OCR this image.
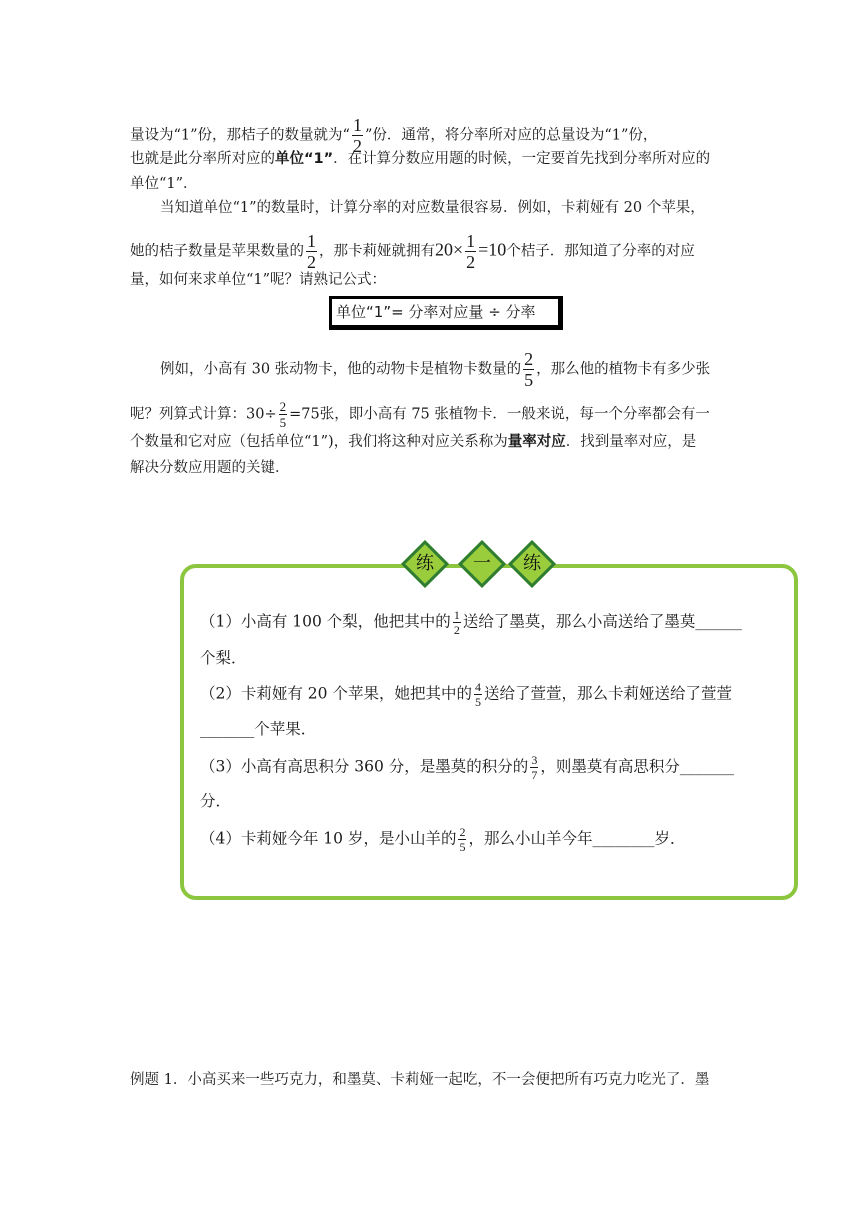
量设为“1”份，那桔子的数量就为“ $\frac{1}{2}$ ”份．通常，将分率所对应的总量设为“1”份，
也就是此分率所对应的单位“1”．在计算分数应用题的时候，一定要首先找到分率所对应的
单位“1”．
当知道单位“1”的数量时，计算分率的对应数量很容易．例如，卡莉娅有 20 个苹果，
她的桔子数量是苹果数量的 $\frac{1}{2}$ ，那卡莉娅就拥有$20\times \frac{1}{2} =10$个桔子．那知道了分率的对应
量，如何来求单位“1”呢？请熟记公式：
单位“1”= 分率对应量 ÷ 分率
例如，小高有 30 张动物卡，他的动物卡是植物卡数量的 $\frac{2}{5}$ ，那么他的植物卡有多少张
呢？列算式计算：$30\div \frac{2}{5} =75$张，即小高有 75 张植物卡．一般来说，每一个分率都会有一
个数量和它对应（包括单位“1”)，我们将这种对应关系称为量率对应．找到量率对应，是
解决分数应用题的关键．
练	一	练
（1）小高有 100 个梨，他把其中的 $\frac{1}{2}$ 送给了墨莫，那么小高送给了墨莫______
个梨．
（2）卡莉娅有 20 个苹果，她把其中的 $\frac{4}{5}$ 送给了萱萱，那么卡莉娅送给了萱萱
_______个苹果．
（3）小高有高思积分 360 分，是墨莫的积分的 $\frac{3}{7}$ ，则墨莫有高思积分_______
分．
（4）卡莉娅今年 10 岁，是小山羊的 $\frac{2}{5}$ ，那么小山羊今年________岁．
例题 1．小高买来一些巧克力，和墨莫、卡莉娅一起吃，不一会便把所有巧克力吃光了．墨
